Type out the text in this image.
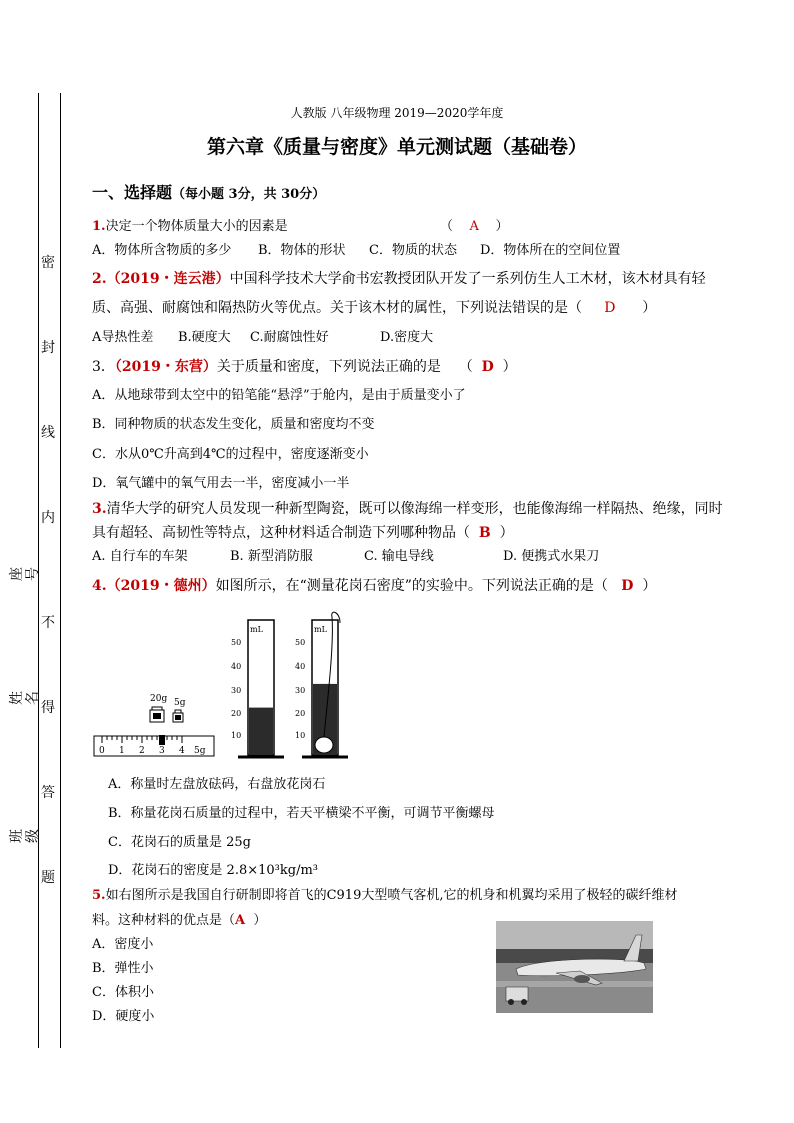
密
封
线
内
不
得
答
题
座号
姓名
班级
人教版 八年级物理 2019—2020学年度
第六章《质量与密度》单元测试题（基础卷）
一、选择题（每小题 3分，共 30分）
1.决定一个物体质量大小的因素是	（ A ）
A．物体所含物质的多少 B．物体的形状 C．物质的状态 D．物体所在的空间位置
2.（2019・连云港）中国科学技术大学俞书宏教授团队开发了一系列仿生人工木材，该木材具有轻
质、高强、耐腐蚀和隔热防火等优点。关于该木材的属性，下列说法错误的是（ D ）
A导热性差 B.硬度大 C.耐腐蚀性好	D.密度大
3．（2019・东营）关于质量和密度，下列说法正确的是 （ D ）
A．从地球带到太空中的铅笔能“悬浮”于舱内，是由于质量变小了
B．同种物质的状态发生变化，质量和密度均不变
C．水从0℃升高到4℃的过程中，密度逐渐变小
D．氧气罐中的氧气用去一半，密度减小一半
3.清华大学的研究人员发现一种新型陶瓷，既可以像海绵一样变形，也能像海绵一样隔热、绝缘，同时
具有超轻、高韧性等特点，这种材料适合制造下列哪种物品（ B ）
A. 自行车的车架	B. 新型消防服	C. 输电导线	D. 便携式水果刀
4.（2019・德州）如图所示，在“测量花岗石密度”的实验中。下列说法正确的是（ D ）
20g 5g
0 1 2 3 4 5g
mL
50
40
30
20
10
mL
50
40
30
20
10
A．称量时左盘放砝码，右盘放花岗石
B．称量花岗石质量的过程中，若天平横梁不平衡，可调节平衡螺母
C．花岗石的质量是 25g
D．花岗石的密度是 2.8×10³kg/m³
5.如右图所示是我国自行研制即将首飞的C919大型喷气客机,它的机身和机翼均采用了极轻的碳纤维材
料。这种材料的优点是（A ）
A．密度小
B．弹性小
C．体积小
D．硬度小
